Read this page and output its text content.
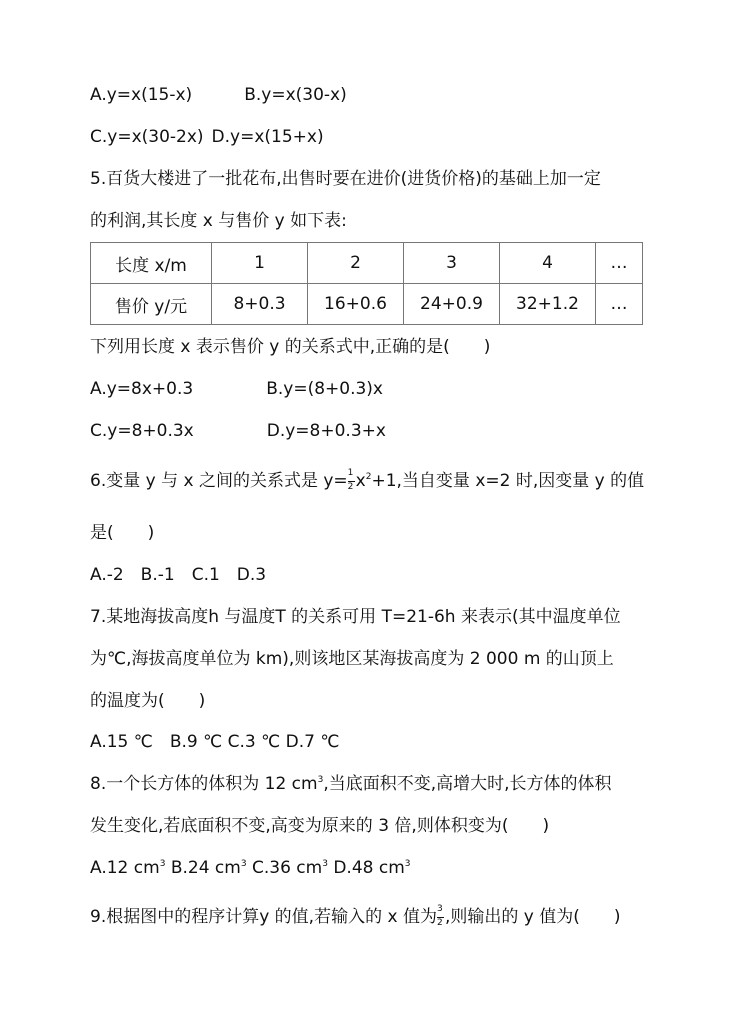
A.y=x(15-x)	B.y=x(30-x)
C.y=x(30-2x) D.y=x(15+x)
5.百货大楼进了一批花布,出售时要在进价(进货价格)的基础上加一定
的利润,其长度 x 与售价 y 如下表:
长度 x/m	1	2	3	4	…
售价 y/元	8+0.3	16+0.6	24+0.9	32+1.2	…
下列用长度 x 表示售价 y 的关系式中,正确的是(　　)
A.y=8x+0.3	B.y=(8+0.3)x
C.y=8+0.3x	D.y=8+0.3+x
6.变量 y 与 x 之间的关系式是 $y= \frac{1}{2} x^2+1$,当自变量 x=2 时,因变量 y 的值
是(　　)
A.-2　B.-1　C.1　D.3
7.某地海拔高度h 与温度T 的关系可用 T=21-6h 来表示(其中温度单位
为℃,海拔高度单位为 km),则该地区某海拔高度为 2 000 m 的山顶上
的温度为(　　)
A.15 ℃　B.9 ℃ C.3 ℃ D.7 ℃
8.一个长方体的体积为 12 $cm^3$,当底面积不变,高增大时,长方体的体积
发生变化,若底面积不变,高变为原来的 3 倍,则体积变为(　　)
A.12 $cm^3$ B.24 $cm^3$ C.36 $cm^3$ D.48 $cm^3$
9.根据图中的程序计算y 的值,若输入的 x 值为 $\frac{3}{2}$ ,则输出的 y 值为(　　)
